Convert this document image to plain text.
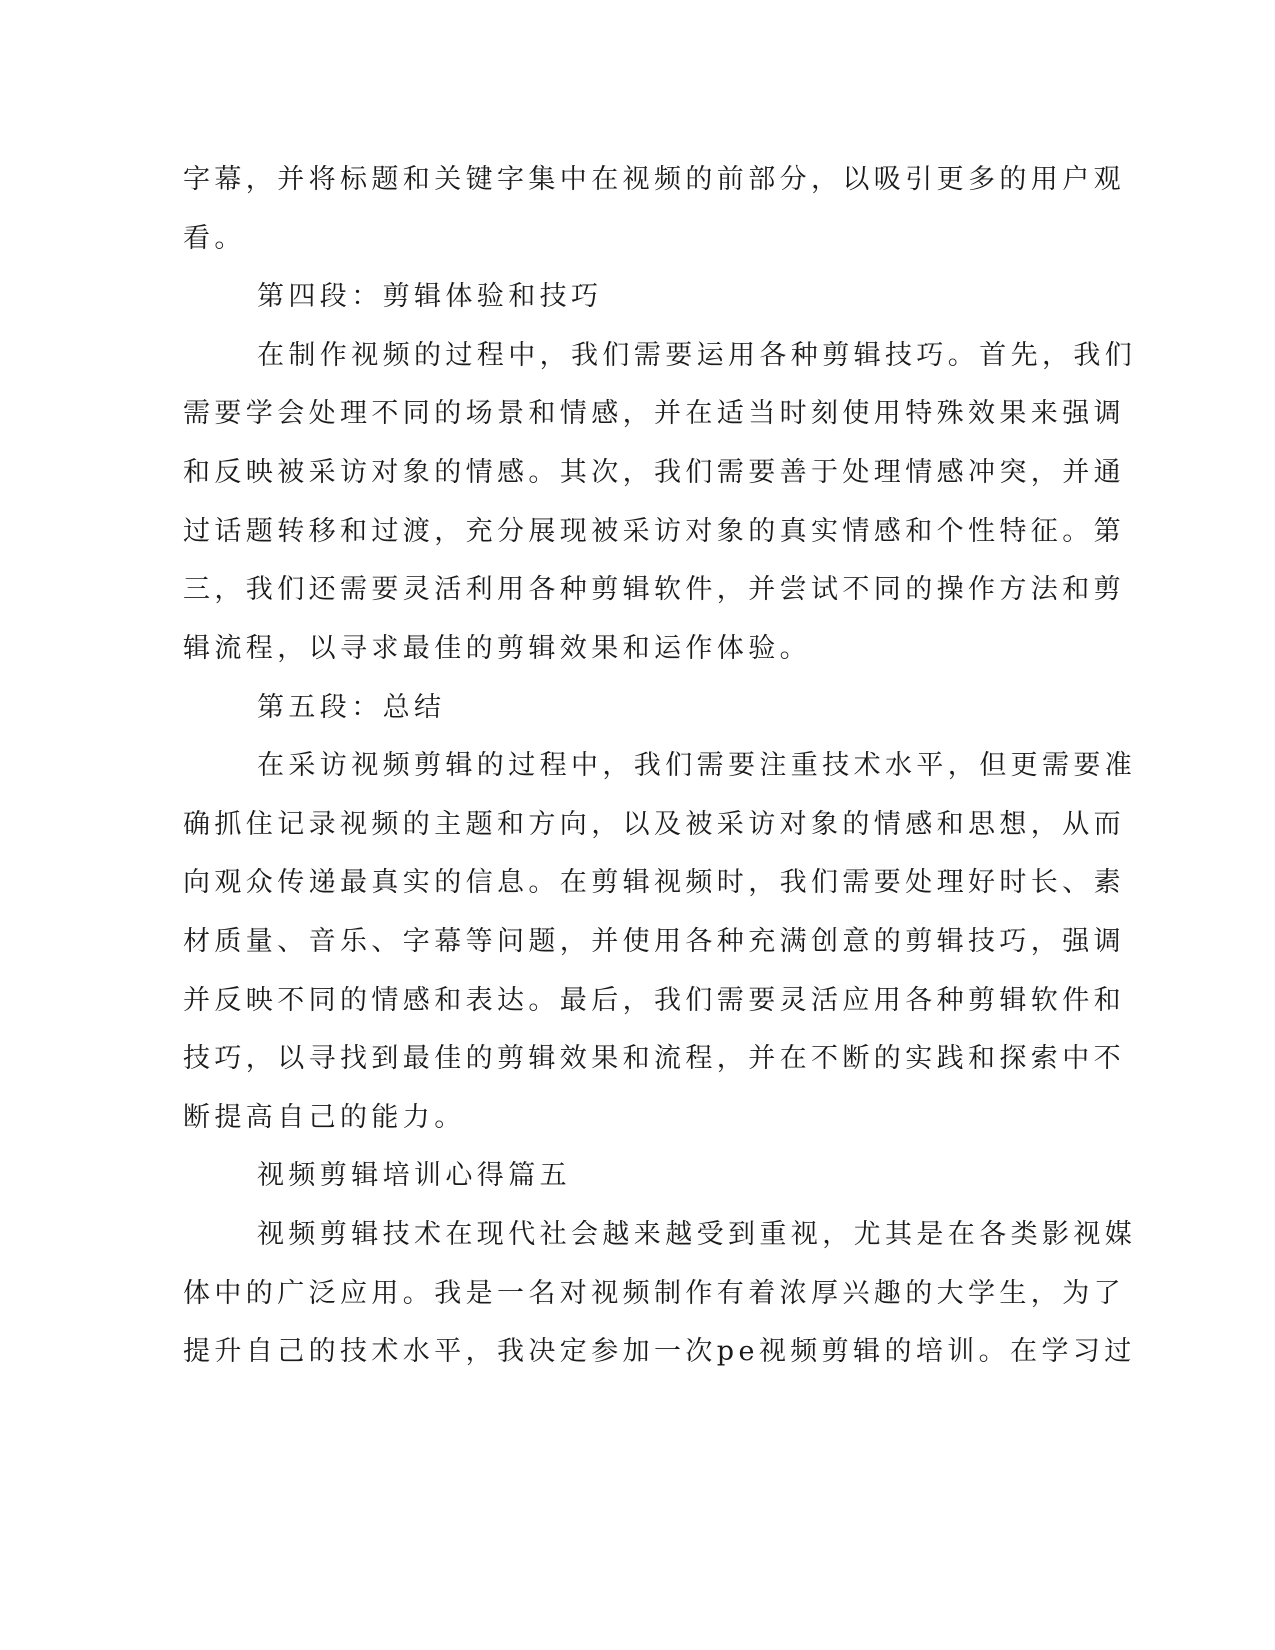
字幕，并将标题和关键字集中在视频的前部分，以吸引更多的用户观

看。

第四段：剪辑体验和技巧

在制作视频的过程中，我们需要运用各种剪辑技巧。首先，我们

需要学会处理不同的场景和情感，并在适当时刻使用特殊效果来强调

和反映被采访对象的情感。其次，我们需要善于处理情感冲突，并通

过话题转移和过渡，充分展现被采访对象的真实情感和个性特征。第

三，我们还需要灵活利用各种剪辑软件，并尝试不同的操作方法和剪

辑流程，以寻求最佳的剪辑效果和运作体验。

第五段：总结

在采访视频剪辑的过程中，我们需要注重技术水平，但更需要准

确抓住记录视频的主题和方向，以及被采访对象的情感和思想，从而

向观众传递最真实的信息。在剪辑视频时，我们需要处理好时长、素

材质量、音乐、字幕等问题，并使用各种充满创意的剪辑技巧，强调

并反映不同的情感和表达。最后，我们需要灵活应用各种剪辑软件和

技巧，以寻找到最佳的剪辑效果和流程，并在不断的实践和探索中不

断提高自己的能力。

视频剪辑培训心得篇五

视频剪辑技术在现代社会越来越受到重视，尤其是在各类影视媒

体中的广泛应用。我是一名对视频制作有着浓厚兴趣的大学生，为了

提升自己的技术水平，我决定参加一次pe视频剪辑的培训。在学习过
